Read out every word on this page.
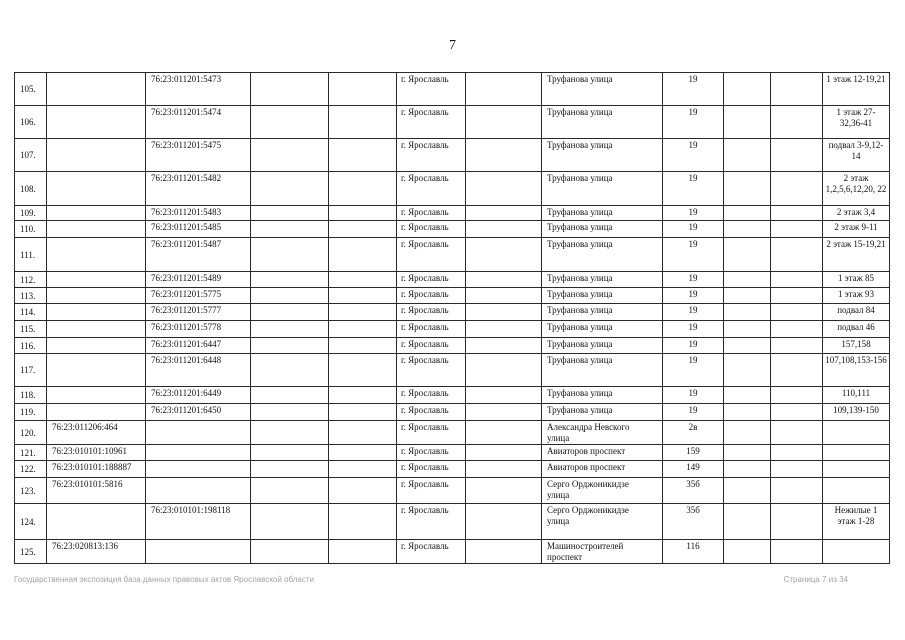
7
105.		76:23:011201:5473			г. Ярославль		Труфанова улица	19			1 этаж 12-19,21
106.		76:23:011201:5474			г. Ярославль		Труфанова улица	19			1 этаж 27-32,36-41
107.		76:23:011201:5475			г. Ярославль		Труфанова улица	19			подвал 3-9,12-14
108.		76:23:011201:5482			г. Ярославль		Труфанова улица	19			2 этаж 1,2,5,6,12,20, 22
109.		76:23:011201:5483			г. Ярославль		Труфанова улица	19			2 этаж 3,4
110.		76:23:011201:5485			г. Ярославль		Труфанова улица	19			2 этаж 9-11
111.		76:23:011201:5487			г. Ярославль		Труфанова улица	19			2 этаж 15-19,21
112.		76:23:011201:5489			г. Ярославль		Труфанова улица	19			1 этаж 85
113.		76:23:011201:5775			г. Ярославль		Труфанова улица	19			1 этаж 93
114.		76:23:011201:5777			г. Ярославль		Труфанова улица	19			подвал 84
115.		76:23:011201:5778			г. Ярославль		Труфанова улица	19			подвал 46
116.		76:23:011201:6447			г. Ярославль		Труфанова улица	19			157,158
117.		76:23:011201:6448			г. Ярославль		Труфанова улица	19			107,108,153-156
118.		76:23:011201:6449			г. Ярославль		Труфанова улица	19			110,111
119.		76:23:011201:6450			г. Ярославль		Труфанова улица	19			109,139-150
120.	76:23:011206:464				г. Ярославль		Александра Невского улица	2в			
121.	76:23:010101:10961				г. Ярославль		Авиаторов проспект	159			
122.	76:23:010101:188887				г. Ярославль		Авиаторов проспект	149			
123.	76:23:010101:5816				г. Ярославль		Серго Орджоникидзе улица	35б			
124.		76:23:010101:198118			г. Ярославль		Серго Орджоникидзе улица	35б			Нежилые 1 этаж 1-28
125.	76:23:020813:136				г. Ярославль		Машиностроителей проспект	116			
Государственная экспозиция база данных правовых актов Ярославской области	Страница 7 из 34
